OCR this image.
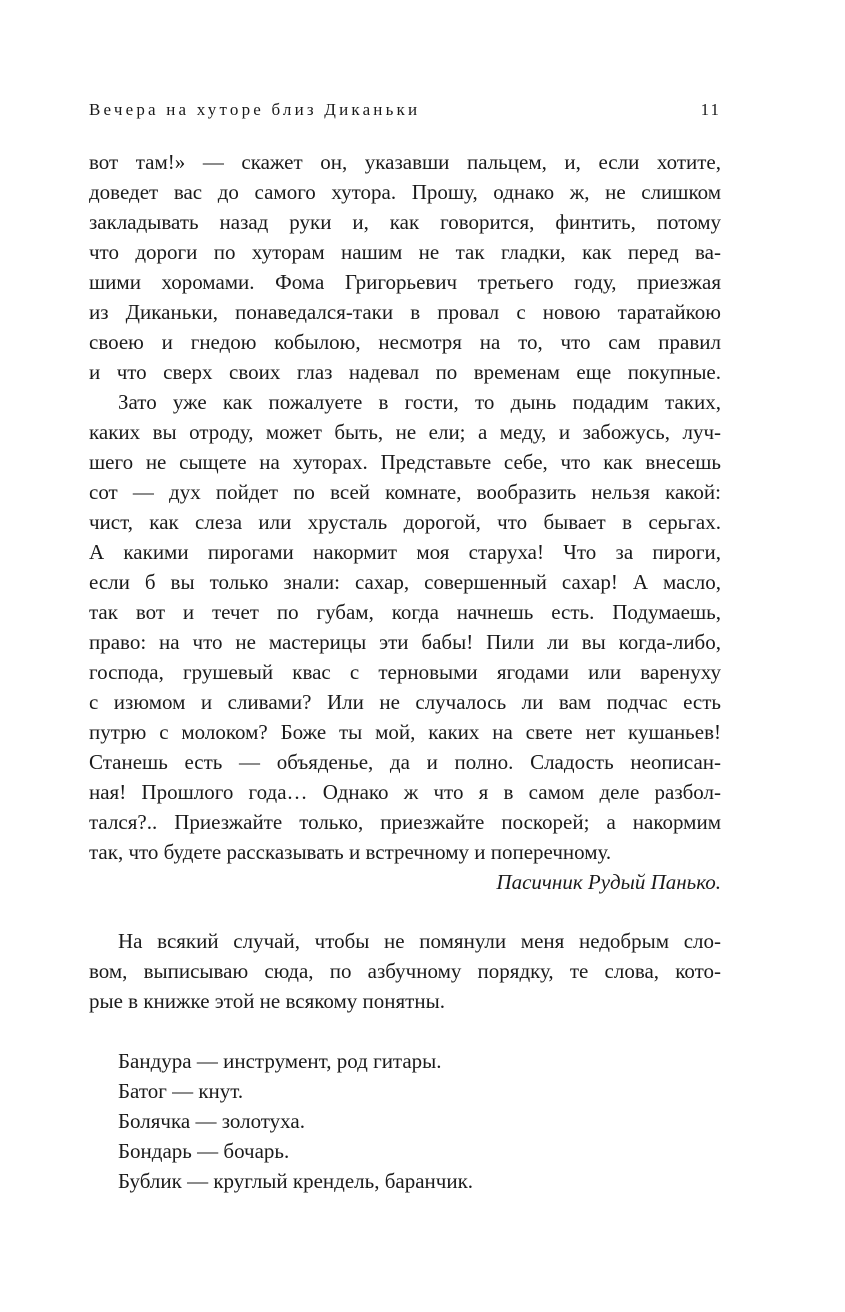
Вечера на хуторе близ Диканьки	11
вот там!» — скажет он, указавши пальцем, и, если хотите,
доведет вас до самого хутора. Прошу, однако ж, не слишком
закладывать назад руки и, как говорится, финтить, потому
что дороги по хуторам нашим не так гладки, как перед ва-
шими хоромами. Фома Григорьевич третьего году, приезжая
из Диканьки, понаведался-таки в провал с новою таратайкою
своею и гнедою кобылою, несмотря на то, что сам правил
и что сверх своих глаз надевал по временам еще покупные.
Зато уже как пожалуете в гости, то дынь подадим таких,
каких вы отроду, может быть, не ели; а меду, и забожусь, луч-
шего не сыщете на хуторах. Представьте себе, что как внесешь
сот — дух пойдет по всей комнате, вообразить нельзя какой:
чист, как слеза или хрусталь дорогой, что бывает в серьгах.
А какими пирогами накормит моя старуха! Что за пироги,
если б вы только знали: сахар, совершенный сахар! А масло,
так вот и течет по губам, когда начнешь есть. Подумаешь,
право: на что не мастерицы эти бабы! Пили ли вы когда-либо,
господа, грушевый квас с терновыми ягодами или варенуху
с изюмом и сливами? Или не случалось ли вам подчас есть
путрю с молоком? Боже ты мой, каких на свете нет кушаньев!
Станешь есть — объяденье, да и полно. Сладость неописан-
ная! Прошлого года… Однако ж что я в самом деле разбол-
тался?.. Приезжайте только, приезжайте поскорей; а накормим
так, что будете рассказывать и встречному и поперечному.
Пасичник Рудый Панько.
На всякий случай, чтобы не помянули меня недобрым сло-
вом, выписываю сюда, по азбучному порядку, те слова, кото-
рые в книжке этой не всякому понятны.
Бандура — инструмент, род гитары.
Батог — кнут.
Болячка — золотуха.
Бондарь — бочарь.
Бублик — круглый крендель, баранчик.
